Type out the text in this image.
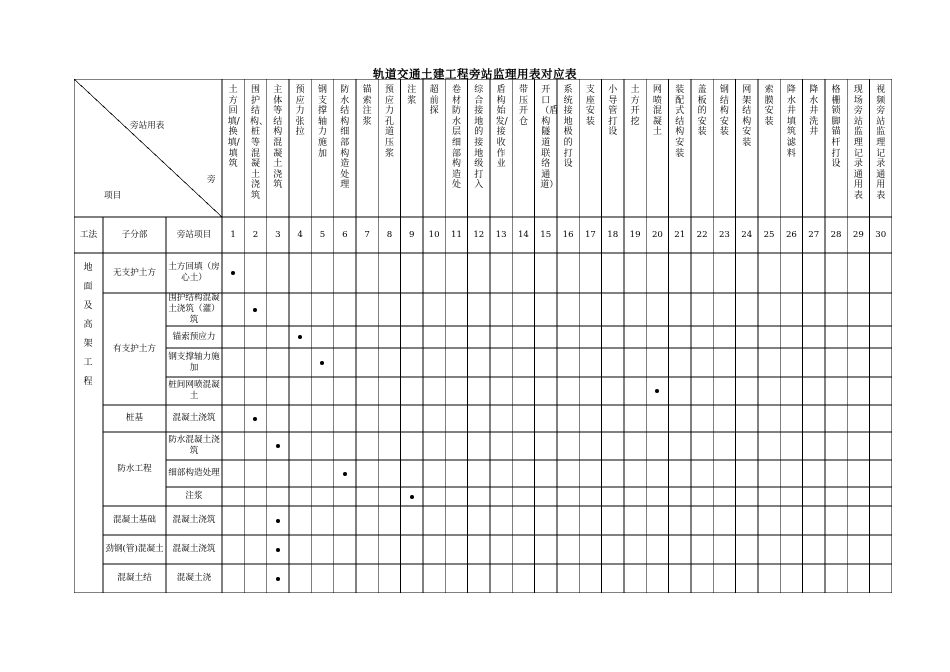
轨道交通土建工程旁站监理用表对应表
旁站用表
旁
项目
工法	子分部	旁站项目
土方回填/换填/填筑
1
围护结构、桩等混凝土浇筑
2
主体等结构混凝土浇筑
3
预应力张拉
4
钢支撑轴力施加
5
防水结构细部构造处理
6
锚索注浆
7
预应力孔道压浆
8
注浆
9
超前探
10
卷材防水层细部构造处
11
综合接地的接地级打入
12
盾构始发/接收作业
13
带压开仓
14
开口（盾构隧道联络通道）
15
系统接地极的打设
16
支座安装
17
小导管打设
18
土方开挖
19
网喷混凝土
20
装配式结构安装
21
盖板的安装
22
钢结构安装
23
网架结构安装
24
索膜安装
25
降水井填筑滤料
26
降水井洗井
27
格栅锁脚锚杆打设
28
现场旁站监理记录通用表
29
视频旁站监理记录通用表
30
地面及高架工程
无支护土方
有支护土方
桩基
防水工程
混凝土基础
劲钢(管)混凝土
混凝土结
土方回填（房心土）
围护结构混凝土浇筑（灌）筑
锚索预应力
钢支撑轴力施加
桩间网喷混凝土
混凝土浇筑
防水混凝土浇筑
细部构造处理
注浆
混凝土浇筑
混凝土浇筑
混凝土浇
